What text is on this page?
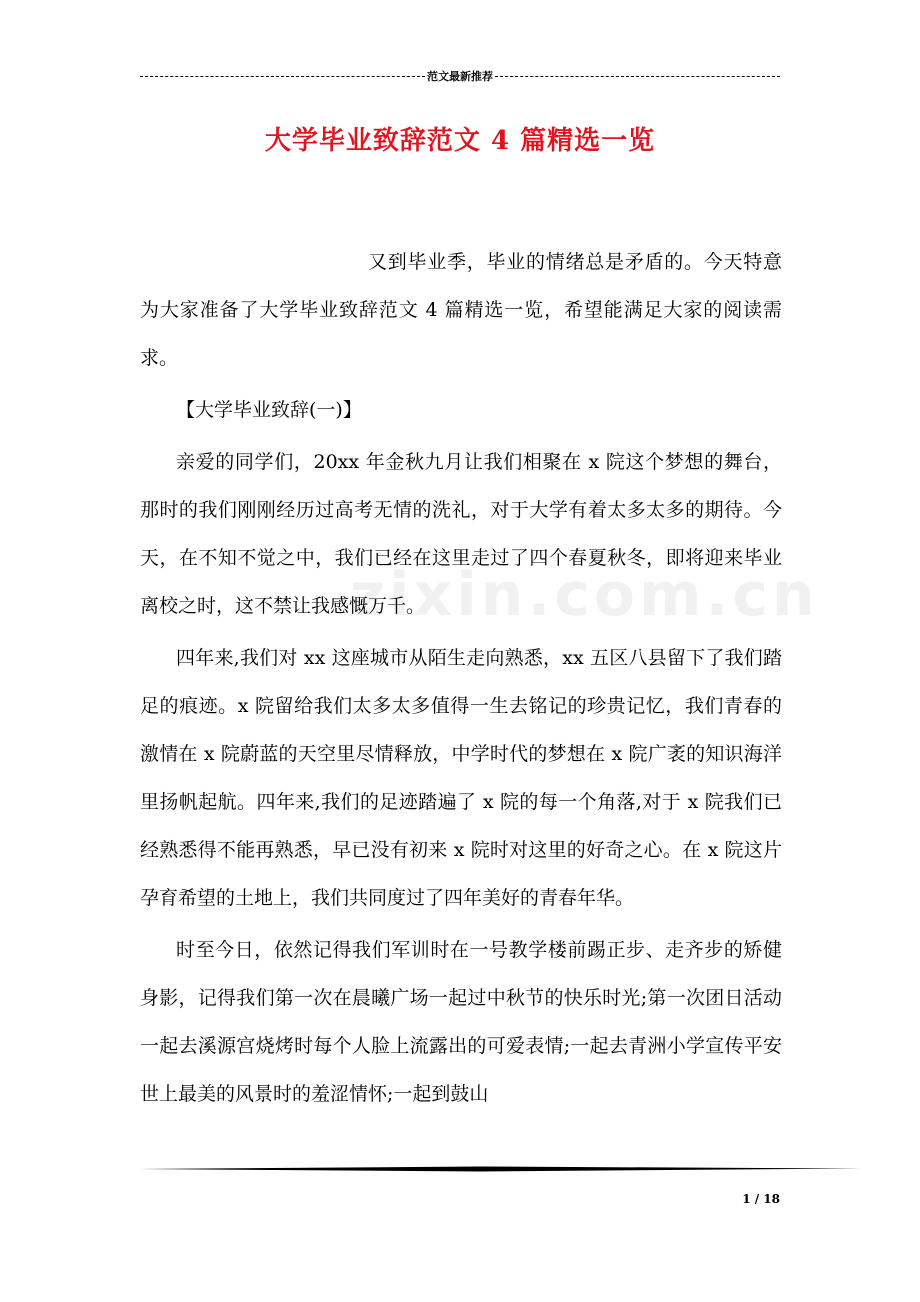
范文最新推荐
大学毕业致辞范文 4 篇精选一览
zixin.com.cn

又到毕业季，毕业的情绪总是矛盾的。今天特意为大家准备了大学毕业致辞范文 4 篇精选一览，希望能满足大家的阅读需求。

【大学毕业致辞(一)】

亲爱的同学们，20xx 年金秋九月让我们相聚在 x 院这个梦想的舞台，那时的我们刚刚经历过高考无情的洗礼，对于大学有着太多太多的期待。今天，在不知不觉之中，我们已经在这里走过了四个春夏秋冬，即将迎来毕业离校之时，这不禁让我感慨万千。

四年来,我们对 xx 这座城市从陌生走向熟悉，xx 五区八县留下了我们踏足的痕迹。x 院留给我们太多太多值得一生去铭记的珍贵记忆，我们青春的激情在 x 院蔚蓝的天空里尽情释放，中学时代的梦想在 x 院广袤的知识海洋里扬帆起航。四年来,我们的足迹踏遍了 x 院的每一个角落,对于 x 院我们已经熟悉得不能再熟悉，早已没有初来 x 院时对这里的好奇之心。在 x 院这片孕育希望的土地上，我们共同度过了四年美好的青春年华。

时至今日，依然记得我们军训时在一号教学楼前踢正步、走齐步的矫健身影，记得我们第一次在晨曦广场一起过中秋节的快乐时光;第一次团日活动一起去溪源宫烧烤时每个人脸上流露出的可爱表情;一起去青洲小学宣传平安世上最美的风景时的羞涩情怀;一起到鼓山

1 / 18
